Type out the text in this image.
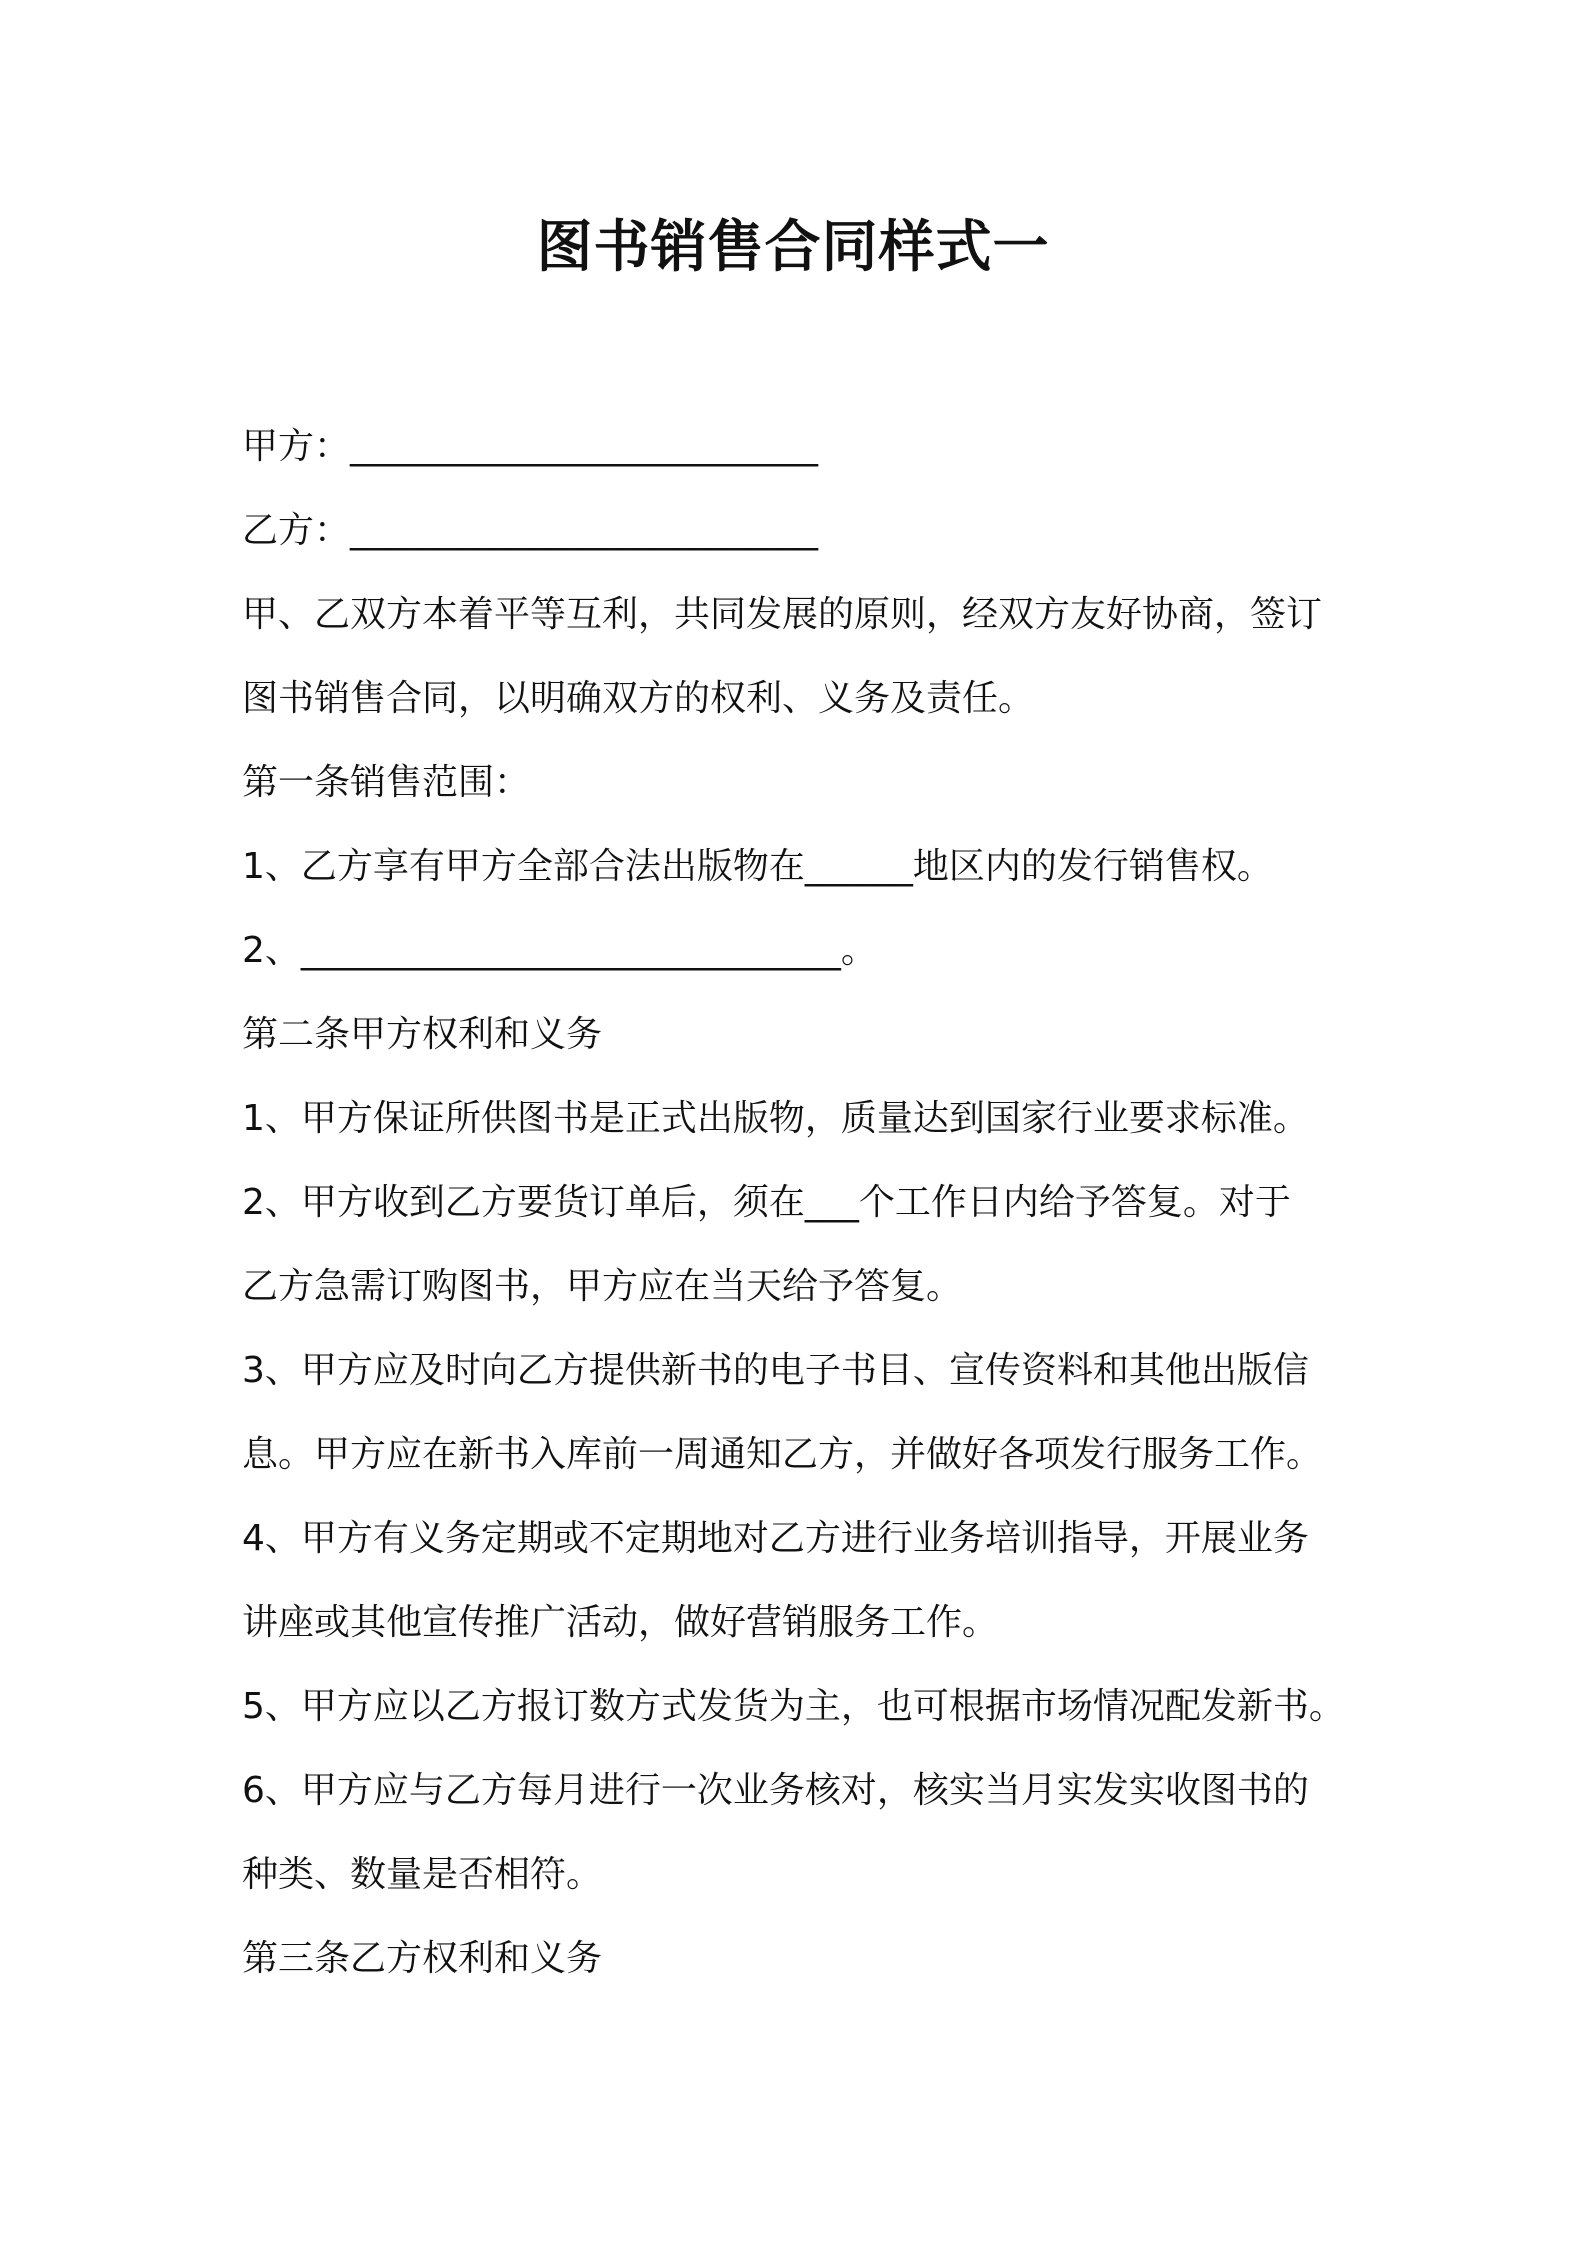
图书销售合同样式一
甲方：__________________________
乙方：__________________________
甲、乙双方本着平等互利，共同发展的原则，经双方友好协商，签订
图书销售合同，以明确双方的权利、义务及责任。
第一条销售范围：
1、乙方享有甲方全部合法出版物在______地区内的发行销售权。
2、______________________________。
第二条甲方权利和义务
1、甲方保证所供图书是正式出版物，质量达到国家行业要求标准。
2、甲方收到乙方要货订单后，须在___个工作日内给予答复。对于
乙方急需订购图书，甲方应在当天给予答复。
3、甲方应及时向乙方提供新书的电子书目、宣传资料和其他出版信
息。甲方应在新书入库前一周通知乙方，并做好各项发行服务工作。
4、甲方有义务定期或不定期地对乙方进行业务培训指导，开展业务
讲座或其他宣传推广活动，做好营销服务工作。
5、甲方应以乙方报订数方式发货为主，也可根据市场情况配发新书。
6、甲方应与乙方每月进行一次业务核对，核实当月实发实收图书的
种类、数量是否相符。
第三条乙方权利和义务
